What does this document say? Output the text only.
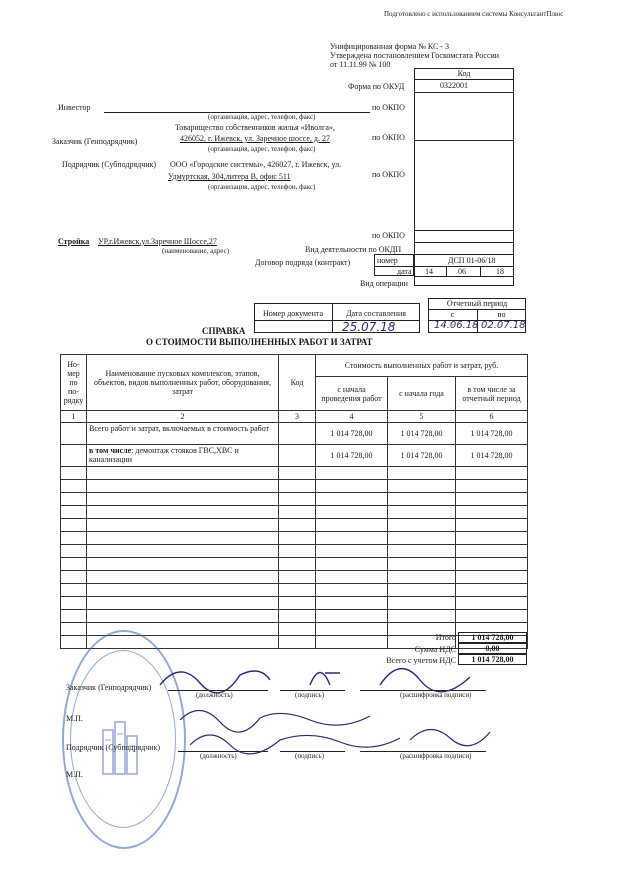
Подготовлено с использованием системы КонсультантПлюс
Унифицированная форма № КС - 3
Утверждена постановлением Госкомстата России
от 11.11.99 № 100
Код
Форма по ОКУД	0322001
Инвестор	по ОКПО
(организация, адрес, телефон, факс)
Товарищество собственников жилья «Иволга»,
Заказчик (Генподрядчик)	426052, г. Ижевск, ул. Заречное шоссе, д. 27	по ОКПО
(организация, адрес, телефон, факс)
Подрядчик (Субподрядчик) ООО «Городские системы», 426027, г. Ижевск, ул.
Удмуртская, 304,литера В, офис 511	по ОКПО
(организация, адрес, телефон, факс)
по ОКПО
Стройка УР,г.Ижевск,ул.Заречное Шоссе,27
(наименование, адрес)	Вид деятельности по ОКДП
Договор подряда (контракт)	номер	ДСП 01-06/18
дата 14	06	18
Вид операции
Номер документа	Дата составления
25.07.18
Отчетный период
с	по
14.06.18 02.07.18
СПРАВКА
О СТОИМОСТИ ВЫПОЛНЕННЫХ РАБОТ И ЗАТРАТ
Но-мер по по-рядку	Наименование пусковых комплексов, этапов, объектов, видов выполненных работ, оборудования, затрат	Код	Стоимость выполненных работ и затрат, руб.		
			с начала проведения работ	с начала года	в том числе за отчетный период
1	2	3	4	5	6
	Всего работ и затрат, включаемых в стоимость работ		1 014 728,00	1 014 728,00	1 014 728,00
	в том числе: демонтаж стояков ГВС,ХВС и канализации		1 014 728,00	1 014 728,00	1 014 728,00

Итого	1 014 728,00
Сумма НДС	0,00
Всего с учетом НДС	1 014 728,00
Заказчик (Генподрядчик)
(должность)	(подпись)	(расшифровка подписи)
М.П.
Подрядчик (Субподрядчик)
(должность)	(подпись)	(расшифровка подписи)
М.П.
